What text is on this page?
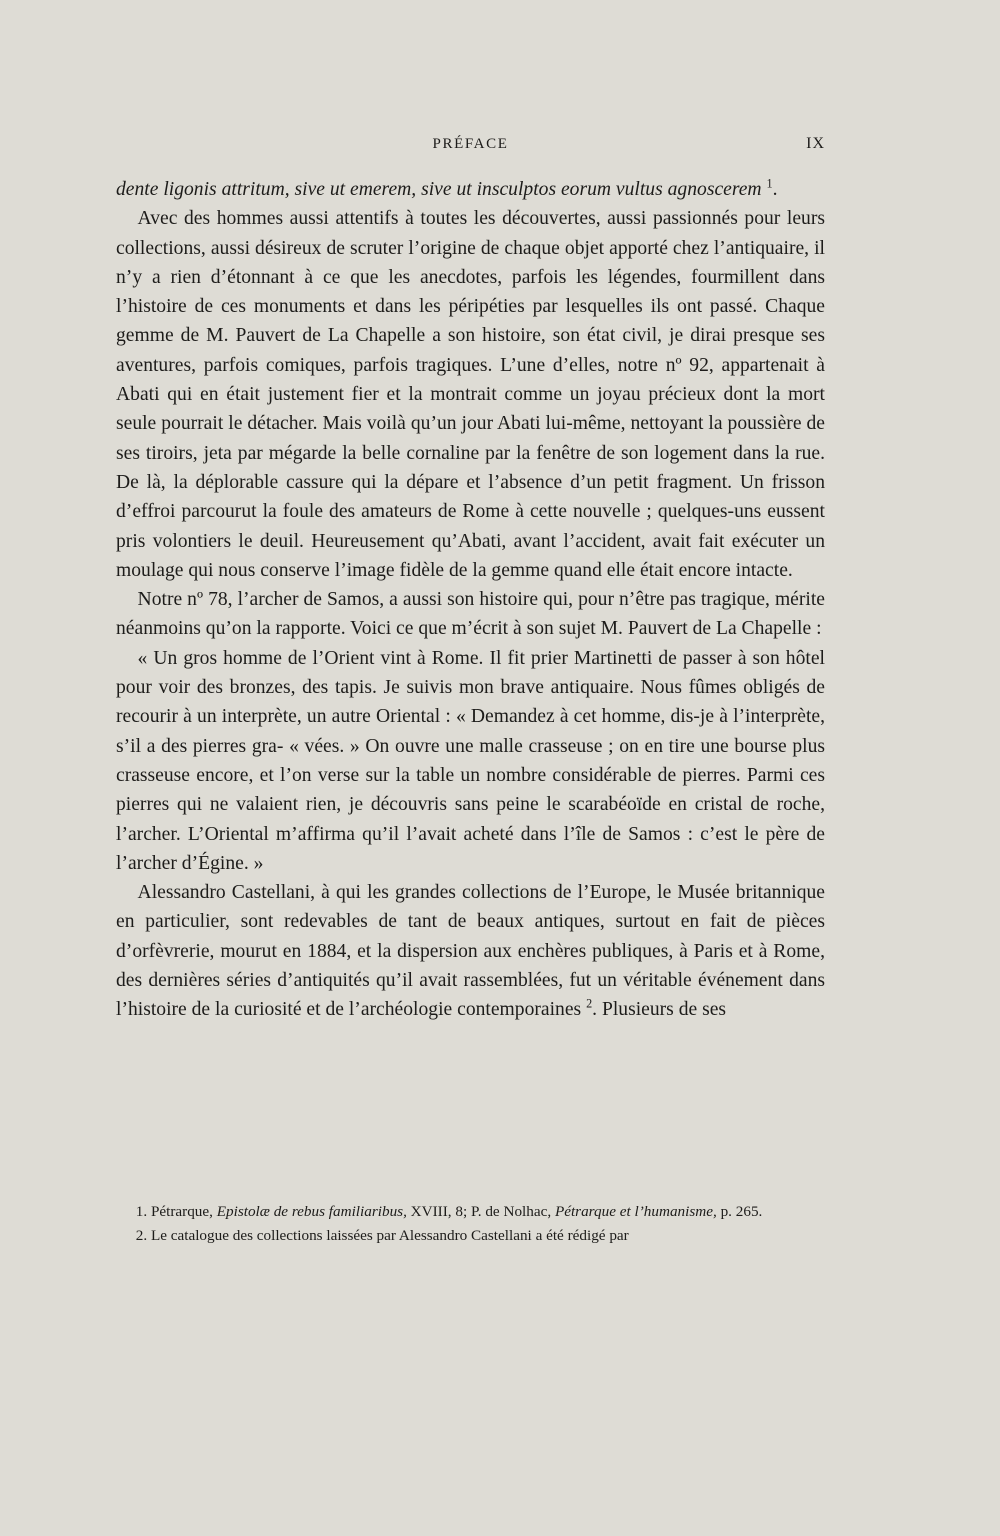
PRÉFACE	IX

dente ligonis attritum, sive ut emerem, sive ut insculptos eorum vultus agnoscerem $^1$.

Avec des hommes aussi attentifs à toutes les découvertes, aussi passionnés pour leurs collections, aussi désireux de scruter l’origine de chaque objet apporté chez l’antiquaire, il n’y a rien d’étonnant à ce que les anecdotes, parfois les légendes, fourmillent dans l’histoire de ces monuments et dans les péripéties par lesquelles ils ont passé. Chaque gemme de M. Pauvert de La Chapelle a son histoire, son état civil, je dirai presque ses aventures, parfois comiques, parfois tragiques. L’une d’elles, notre nº 92, appartenait à Abati qui en était justement fier et la montrait comme un joyau précieux dont la mort seule pourrait le détacher. Mais voilà qu’un jour Abati lui-même, nettoyant la poussière de ses tiroirs, jeta par mégarde la belle cornaline par la fenêtre de son logement dans la rue. De là, la déplorable cassure qui la dépare et l’absence d’un petit fragment. Un frisson d’effroi parcourut la foule des amateurs de Rome à cette nouvelle ; quelques-uns eussent pris volontiers le deuil. Heureusement qu’Abati, avant l’accident, avait fait exécuter un moulage qui nous conserve l’image fidèle de la gemme quand elle était encore intacte.

Notre nº 78, l’archer de Samos, a aussi son histoire qui, pour n’être pas tragique, mérite néanmoins qu’on la rapporte. Voici ce que m’écrit à son sujet M. Pauvert de La Chapelle :

« Un gros homme de l’Orient vint à Rome. Il fit prier Martinetti de passer à son hôtel pour voir des bronzes, des tapis. Je suivis mon brave antiquaire. Nous fûmes obligés de recourir à un interprète, un autre Oriental : « Demandez à cet homme, dis-je à l’interprète, s’il a des pierres gra- « vées. » On ouvre une malle crasseuse ; on en tire une bourse plus crasseuse encore, et l’on verse sur la table un nombre considérable de pierres. Parmi ces pierres qui ne valaient rien, je découvris sans peine le scarabéoïde en cristal de roche, l’archer. L’Oriental m’affirma qu’il l’avait acheté dans l’île de Samos : c’est le père de l’archer d’Égine. »

Alessandro Castellani, à qui les grandes collections de l’Europe, le Musée britannique en particulier, sont redevables de tant de beaux antiques, surtout en fait de pièces d’orfèvrerie, mourut en 1884, et la dispersion aux enchères publiques, à Paris et à Rome, des dernières séries d’antiquités qu’il avait rassemblées, fut un véritable événement dans l’histoire de la curiosité et de l’archéologie contemporaines $^2$. Plusieurs de ses

1. Pétrarque, Epistolæ de rebus familiaribus, XVIII, 8; P. de Nolhac, Pétrarque et l’humanisme, p. 265.

2. Le catalogue des collections laissées par Alessandro Castellani a été rédigé par
